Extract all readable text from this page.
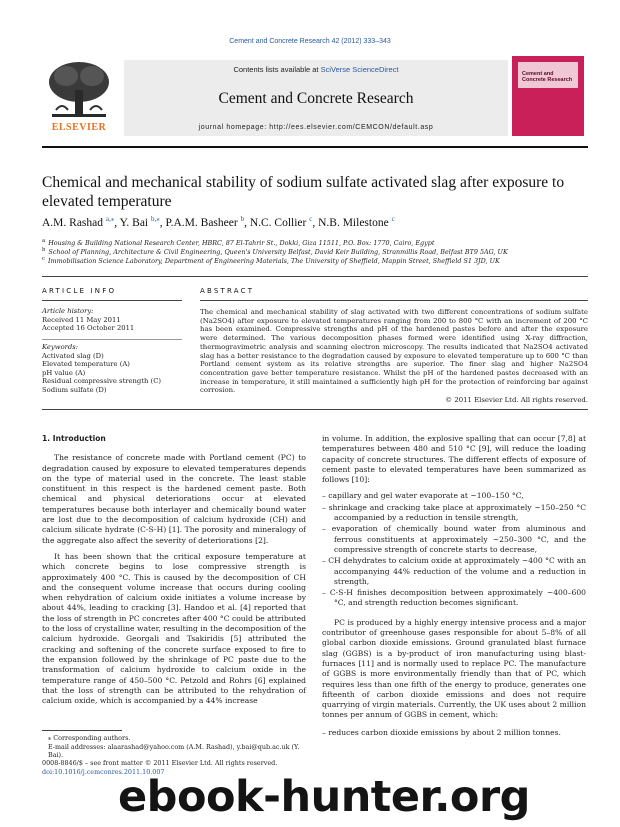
Cement and Concrete Research 42 (2012) 333–343
ELSEVIER
Contents lists available at SciVerse ScienceDirect
Cement and Concrete Research
journal homepage: http://ees.elsevier.com/CEMCON/default.asp
Cement and Concrete Research
Chemical and mechanical stability of sodium sulfate activated slag after exposure to elevated temperature
A.M. Rashad $^{a,⁎}$, Y. Bai $^{b,⁎}$, P.A.M. Basheer $^b$, N.C. Collier $^c$, N.B. Milestone $^c$
$^a$ Housing & Building National Research Center, HBRC, 87 El-Tahrir St., Dokki, Giza 11511, P.O. Box: 1770, Cairo, Egypt
$^b$ School of Planning, Architecture & Civil Engineering, Queen's University Belfast, David Keir Building, Stranmillis Road, Belfast BT9 5AG, UK
$^c$ Immobilisation Science Laboratory, Department of Engineering Materials, The University of Sheffield, Mappin Street, Sheffield S1 3JD, UK
ARTICLE INFO	ABSTRACT
Article history:
Received 11 May 2011
Accepted 16 October 2011
Keywords:
Activated slag (D)
Elevated temperature (A)
pH value (A)
Residual compressive strength (C)
Sodium sulfate (D)
The chemical and mechanical stability of slag activated with two different concentrations of sodium sulfate (Na2SO4) after exposure to elevated temperatures ranging from 200 to 800 °C with an increment of 200 °C has been examined. Compressive strengths and pH of the hardened pastes before and after the exposure were determined. The various decomposition phases formed were identified using X-ray diffraction, thermogravimetric analysis and scanning electron microscopy. The results indicated that Na2SO4 activated slag has a better resistance to the degradation caused by exposure to elevated temperature up to 600 °C than Portland cement system as its relative strengths are superior. The finer slag and higher Na2SO4 concentration gave better temperature resistance. Whilst the pH of the hardened pastes decreased with an increase in temperature, it still maintained a sufficiently high pH for the protection of reinforcing bar against corrosion.
© 2011 Elsevier Ltd. All rights reserved.
1. Introduction

The resistance of concrete made with Portland cement (PC) to degradation caused by exposure to elevated temperatures depends on the type of material used in the concrete. The least stable constituent in this respect is the hardened cement paste. Both chemical and physical deteriorations occur at elevated temperatures because both interlayer and chemically bound water are lost due to the decomposition of calcium hydroxide (CH) and calcium silicate hydrate (C-S-H) [1]. The porosity and mineralogy of the aggregate also affect the severity of deteriorations [2].

It has been shown that the critical exposure temperature at which concrete begins to lose compressive strength is approximately 400 °C. This is caused by the decomposition of CH and the consequent volume increase that occurs during cooling when rehydration of calcium oxide initiates a volume increase by about 44%, leading to cracking [3]. Handoo et al. [4] reported that the loss of strength in PC concretes after 400 °C could be attributed to the loss of crystalline water, resulting in the decomposition of the calcium hydroxide. Georgali and Tsakiridis [5] attributed the cracking and softening of the concrete surface exposed to fire to the expansion followed by the shrinkage of PC paste due to the transformation of calcium hydroxide to calcium oxide in the temperature range of 450–500 °C. Petzold and Rohrs [6] explained that the loss of strength can be attributed to the rehydration of calcium oxide, which is accompanied by a 44% increase

in volume. In addition, the explosive spalling that can occur [7,8] at temperatures between 480 and 510 °C [9], will reduce the loading capacity of concrete structures. The different effects of exposure of cement paste to elevated temperatures have been summarized as follows [10]:

– capillary and gel water evaporate at ~100–150 °C,
– shrinkage and cracking take place at approximately ~150–250 °C accompanied by a reduction in tensile strength,
– evaporation of chemically bound water from aluminous and ferrous constituents at approximately ~250–300 °C, and the compressive strength of concrete starts to decrease,
– CH dehydrates to calcium oxide at approximately ~400 °C with an accompanying 44% reduction of the volume and a reduction in strength,
– C-S-H finishes decomposition between approximately ~400–600 °C, and strength reduction becomes significant.

PC is produced by a highly energy intensive process and a major contributor of greenhouse gases responsible for about 5–8% of all global carbon dioxide emissions. Ground granulated blast furnace slag (GGBS) is a by-product of iron manufacturing using blast-furnaces [11] and is normally used to replace PC. The manufacture of GGBS is more environmentally friendly than that of PC, which requires less than one fifth of the energy to produce, generates one fifteenth of carbon dioxide emissions and does not require quarrying of virgin materials. Currently, the UK uses about 2 million tonnes per annum of GGBS in cement, which:

– reduces carbon dioxide emissions by about 2 million tonnes.
⁎ Corresponding authors.
E-mail addresses: alaarashad@yahoo.com (A.M. Rashad), y.bai@qub.ac.uk (Y. Bai).
0008-8846/$ – see front matter © 2011 Elsevier Ltd. All rights reserved.
doi:10.1016/j.cemconres.2011.10.007
ebook-hunter.org
